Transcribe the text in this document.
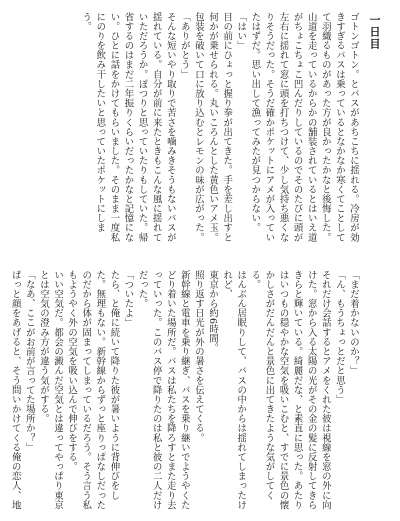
一日目

ゴトンゴトン。とバスがあちこちに揺れる。冷房が効きすぎるバスは乗っているとなかなか寒くてことしてて羽織るものがあった方が良かったかなと後悔した。

山道を走っているからかの舗装されているとはいえ道がちょこちょこ凹んだりしているのでそのたびに頭が左右に揺れて窓に頭を打ちつけて、少し気持ち悪くなりそうだった。そうだ確かポケットにアメが入っていたはずだ。思い出して漁ってみたが見つからない。

「はい」

目の前にひょっと握り拳が出てきた。手を差し出すと何かが乗せられる。丸いころんとした黄色いアメ玉。包装を破いて口に放り込むとレモンの味が広がった。

「ありがとう」

そんな短いやり取りで苦さを噛みきそうもないバスが揺れている。自分が前に来たときもこんな風に揺れていただろうか。ぽつりと思っていたりもしていた。帰省するのはまだ二年振りくらいだったかなと記憶にない。ひとに話をかけてもらいました。そのまま一度私にのりを飲み干したいと思っていたポケットにしまう。

「まだ着かないのか？」

「ん、もうちょっとだと思う」

それだけ会話するとアメをくれた彼は視線を窓の外に向けた。窓から入る太陽の光がその金の髪に反射してきらきらと輝いている。綺麗だな、と素直に思った。あたりはいつもの穏やかな空気を吸いこむと、すでに景色の懐かしさがだんだんと景色に出てきたような気がしてくる。

はんぶん居眠りして、バスの中からは揺れてしまったけれど、

東京から約6時間。

照り返す日光が外の暑さを伝えてくる。

新幹線と電車を乗り継ぎ、バスを乗り継いでようやくたどり着いた場所だ。バスは私たちを降ろすとまた走り去っていった。このバス停で降りたのは私と彼の二人だけだった。

「ついたよ」

たら、と俺に続いて降りた彼が暑いように背伸びをした。無理もない。新幹線からずっと座りっぱなしだったのだから体が固まってしまっているだろう。そう言う私もようやく外の空気を吸い込んで伸びをする。

いい空気だ。都会の澱んだ空気とは違ってやっぱり東京とは空気の澄み方が違う気がする。

「なあ、ここがお前が言ってた場所か？」

ぱっと顔をあげると、そう問いかけてくる俺の恋人、地
